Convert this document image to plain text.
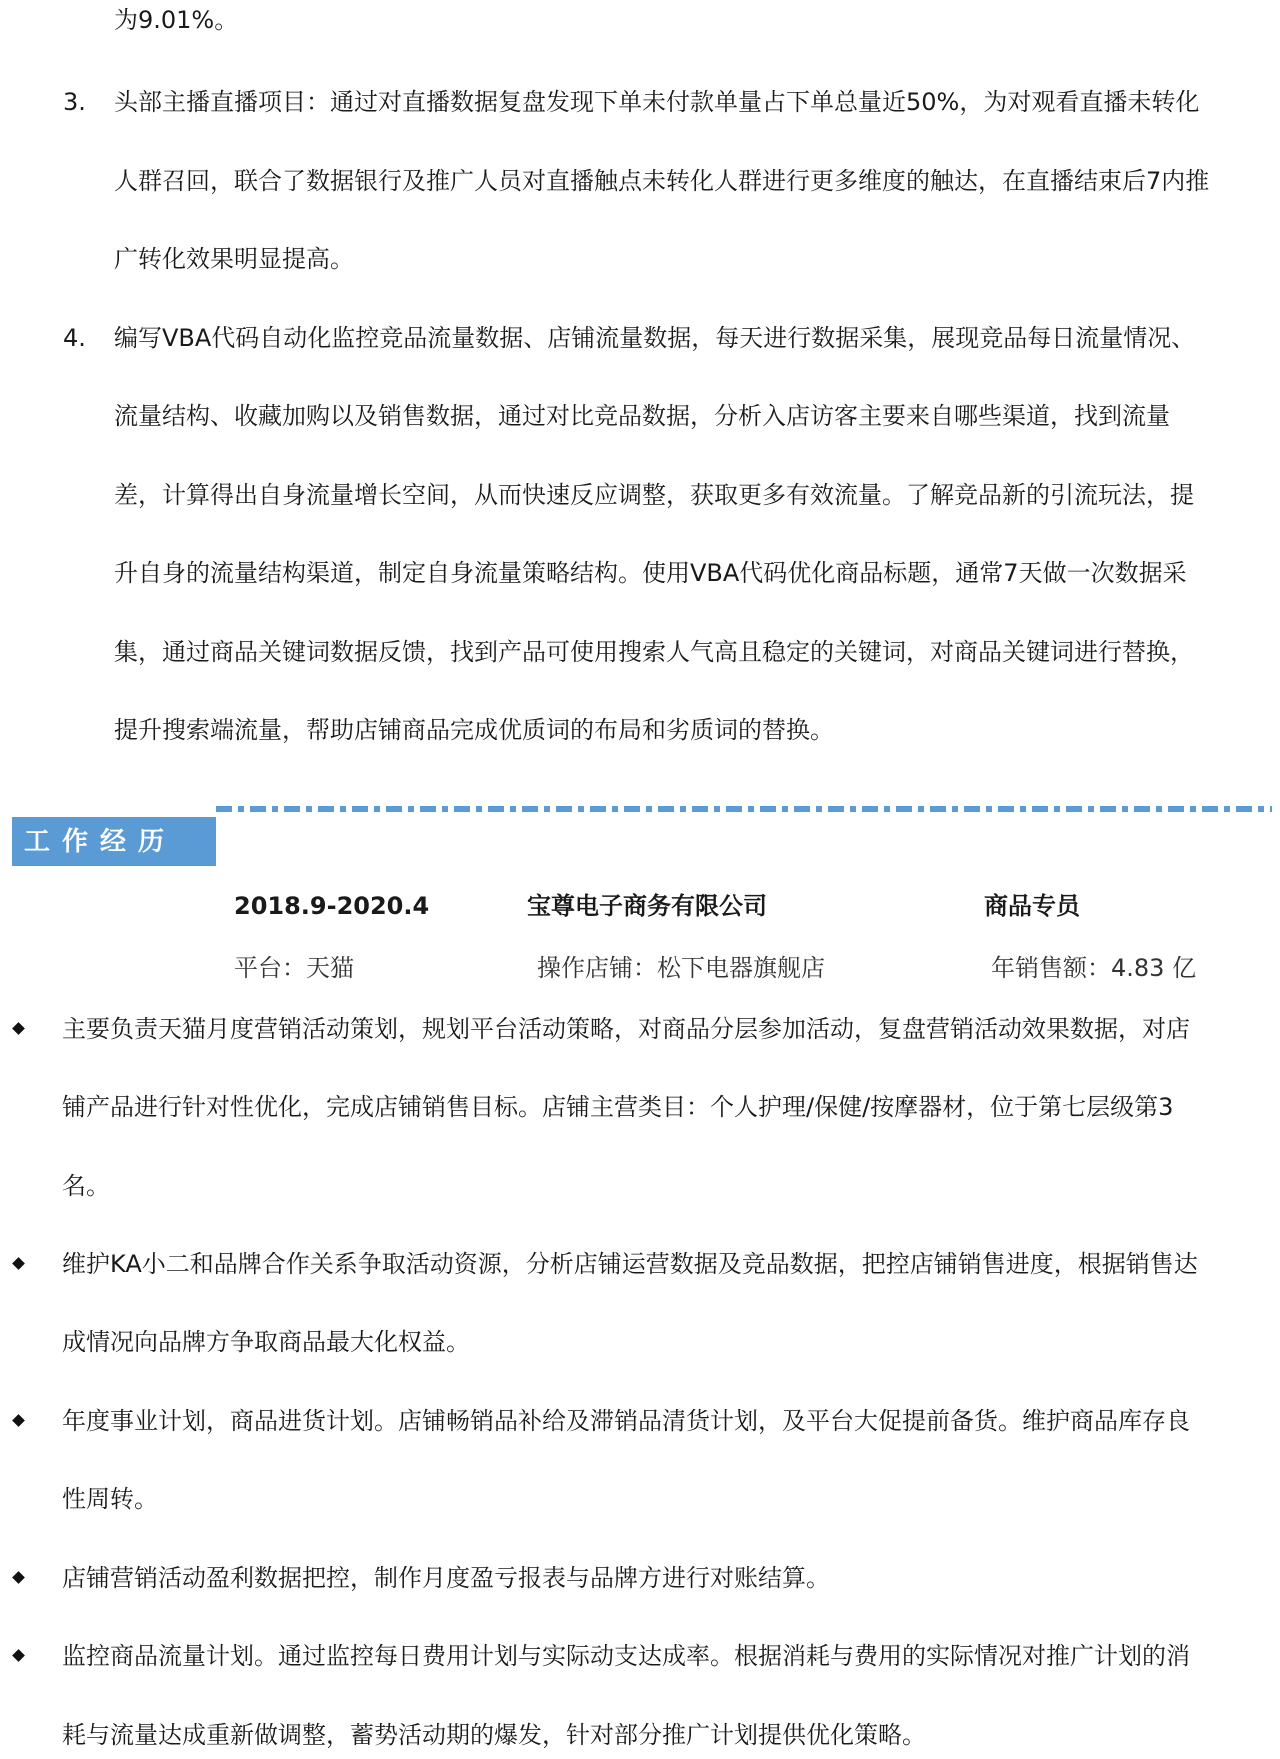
为9.01%。
3. 头部主播直播项目：通过对直播数据复盘发现下单未付款单量占下单总量近50%，为对观看直播未转化
人群召回，联合了数据银行及推广人员对直播触点未转化人群进行更多维度的触达，在直播结束后7内推
广转化效果明显提高。
4. 编写VBA代码自动化监控竞品流量数据、店铺流量数据，每天进行数据采集，展现竞品每日流量情况、
流量结构、收藏加购以及销售数据，通过对比竞品数据，分析入店访客主要来自哪些渠道，找到流量
差，计算得出自身流量增长空间，从而快速反应调整，获取更多有效流量。了解竞品新的引流玩法，提
升自身的流量结构渠道，制定自身流量策略结构。使用VBA代码优化商品标题，通常7天做一次数据采
集，通过商品关键词数据反馈，找到产品可使用搜索人气高且稳定的关键词，对商品关键词进行替换，
提升搜索端流量，帮助店铺商品完成优质词的布局和劣质词的替换。
工作经历
2018.9-2020.4	宝尊电子商务有限公司	商品专员
平台：天猫	操作店铺：松下电器旗舰店	年销售额：4.83 亿
主要负责天猫月度营销活动策划，规划平台活动策略，对商品分层参加活动，复盘营销活动效果数据，对店
铺产品进行针对性优化，完成店铺销售目标。店铺主营类目：个人护理/保健/按摩器材，位于第七层级第3
名。
维护KA小二和品牌合作关系争取活动资源，分析店铺运营数据及竞品数据，把控店铺销售进度，根据销售达
成情况向品牌方争取商品最大化权益。
年度事业计划，商品进货计划。店铺畅销品补给及滞销品清货计划，及平台大促提前备货。维护商品库存良
性周转。
店铺营销活动盈利数据把控，制作月度盈亏报表与品牌方进行对账结算。
监控商品流量计划。通过监控每日费用计划与实际动支达成率。根据消耗与费用的实际情况对推广计划的消
耗与流量达成重新做调整，蓄势活动期的爆发，针对部分推广计划提供优化策略。
